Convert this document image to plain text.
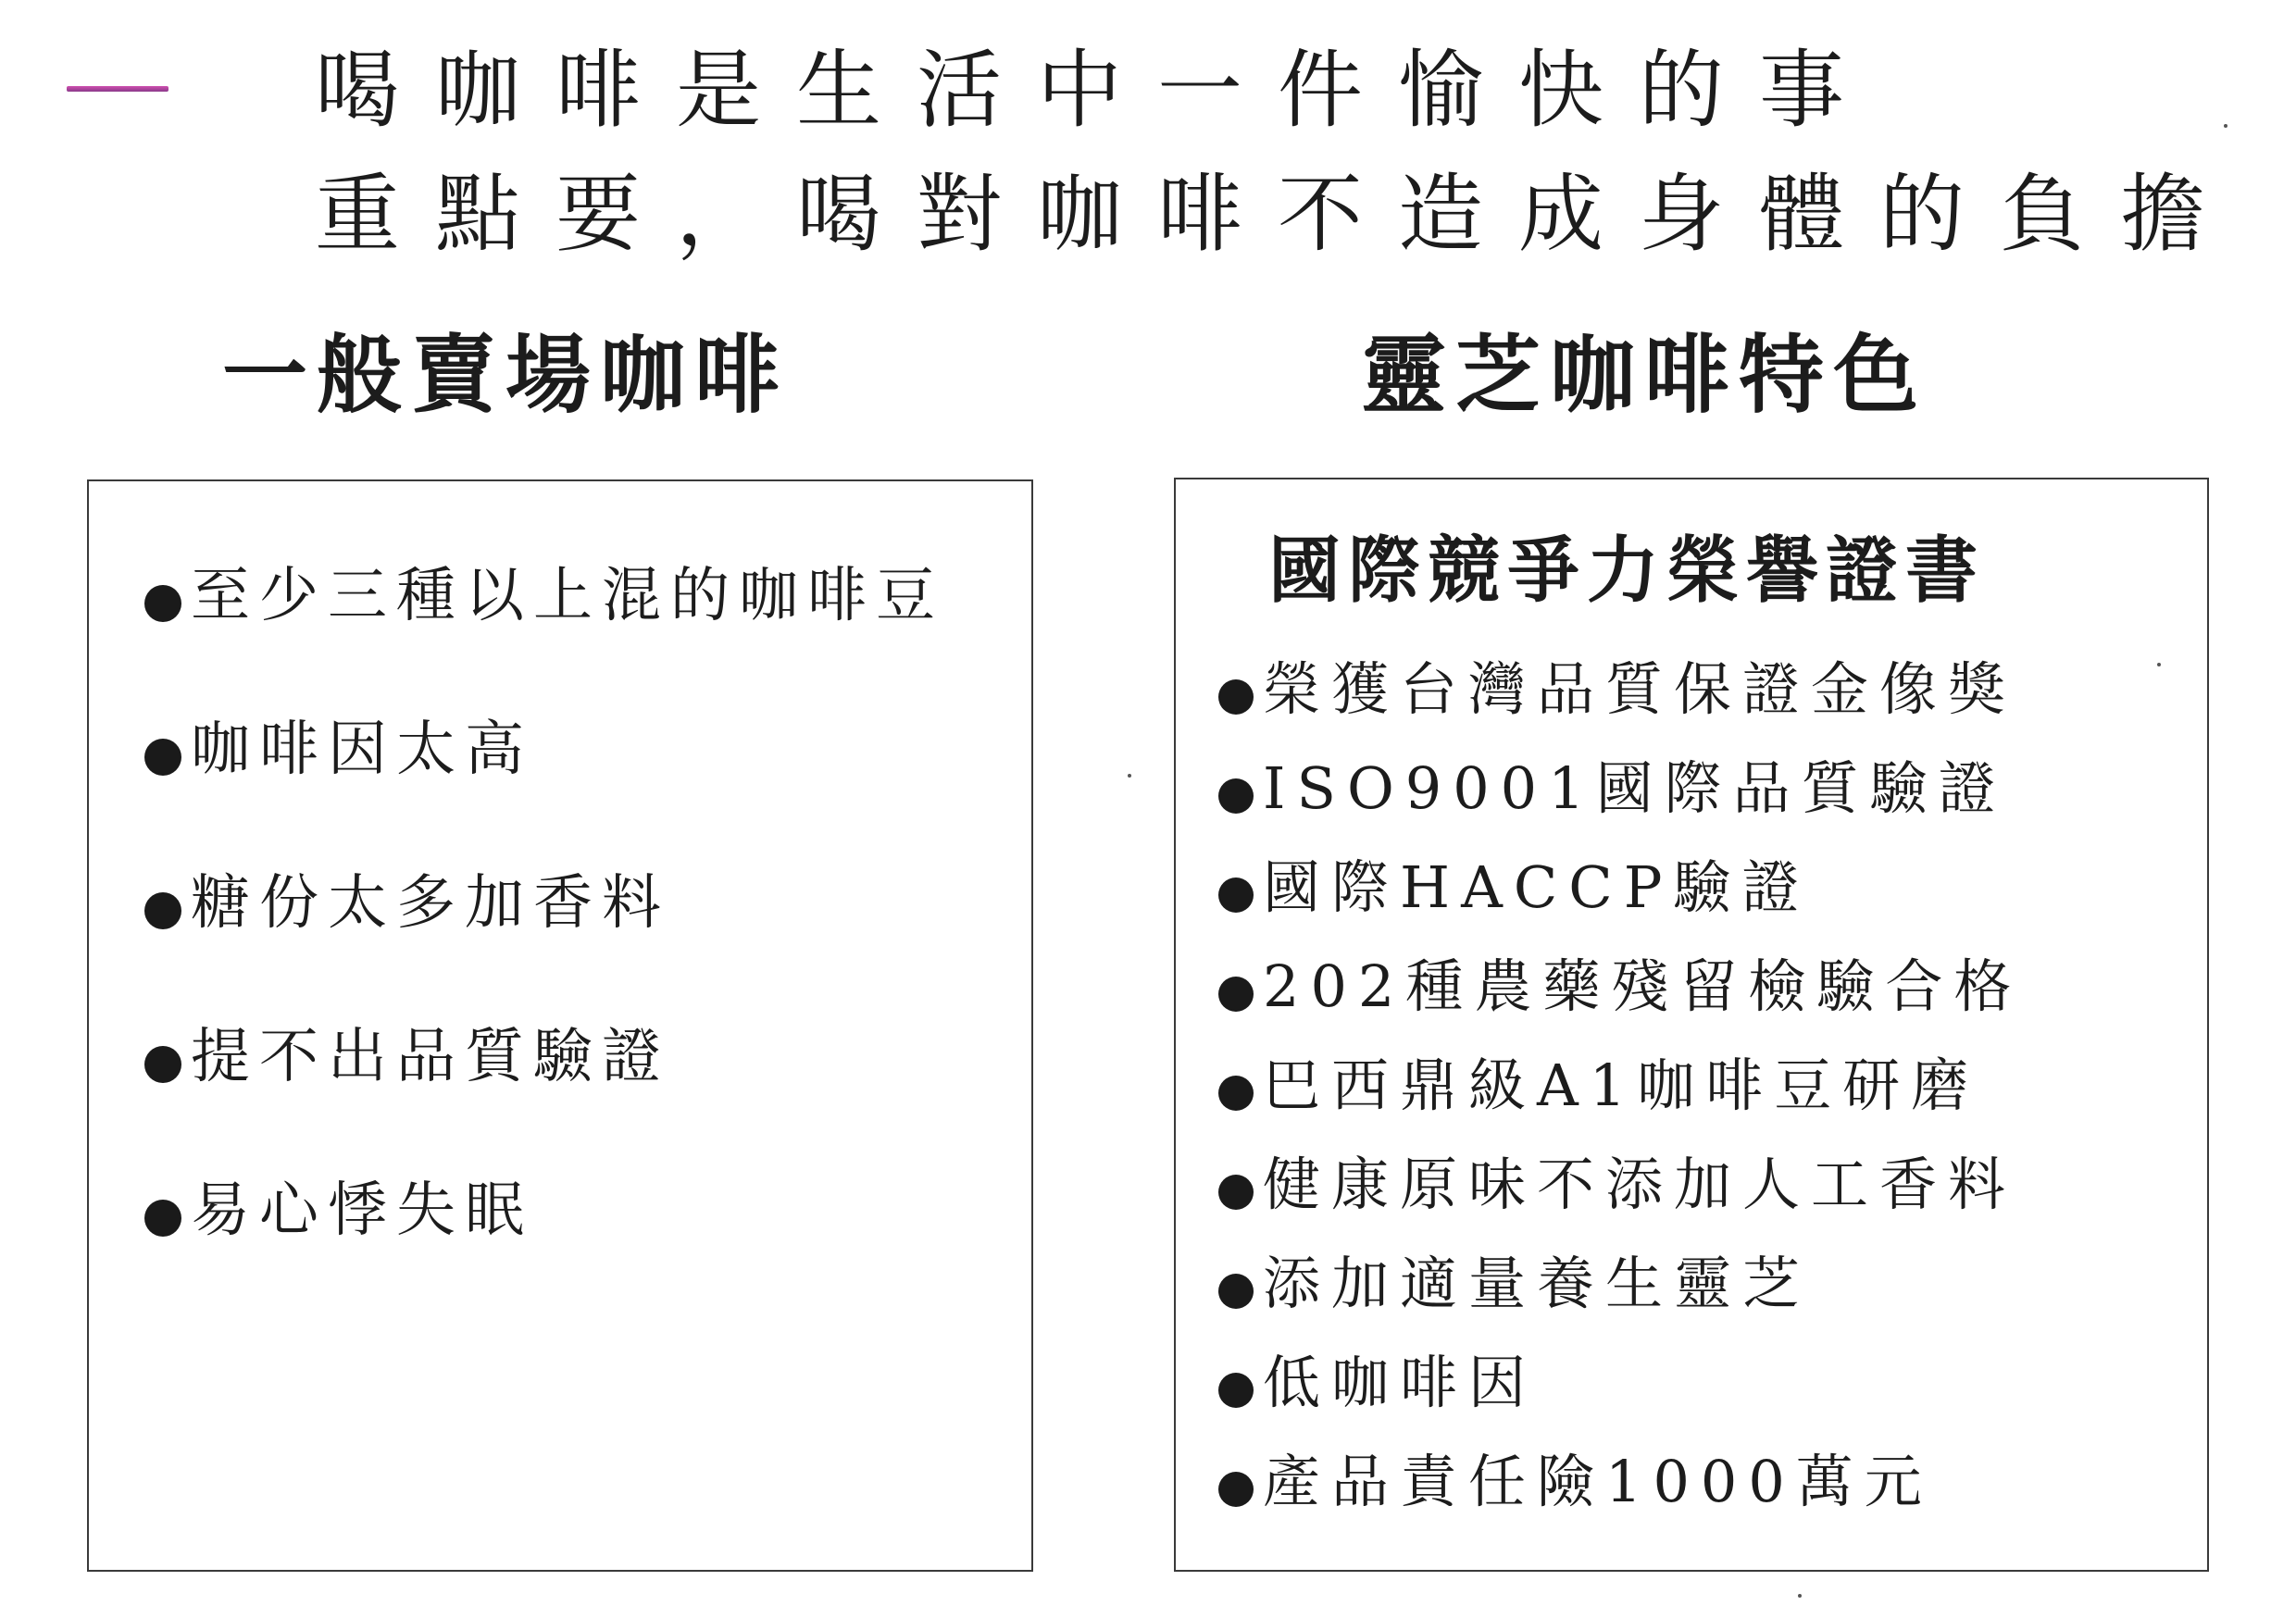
喝咖啡是生活中一件愉快的事
重點要，喝對咖啡不造成身體的負擔
一般賣場咖啡	靈芝咖啡特色
至少三種以上混的咖啡豆
咖啡因太高
糖份太多加香料
提不出品質驗證
易心悸失眠
國際競爭力榮譽證書
榮獲台灣品質保證金像獎
ISO9001國際品質驗證
國際HACCP驗證
202種農藥殘留檢驗合格
巴西鼎級A1咖啡豆研磨
健康原味不添加人工香料
添加適量養生靈芝
低咖啡因
產品責任險1000萬元
